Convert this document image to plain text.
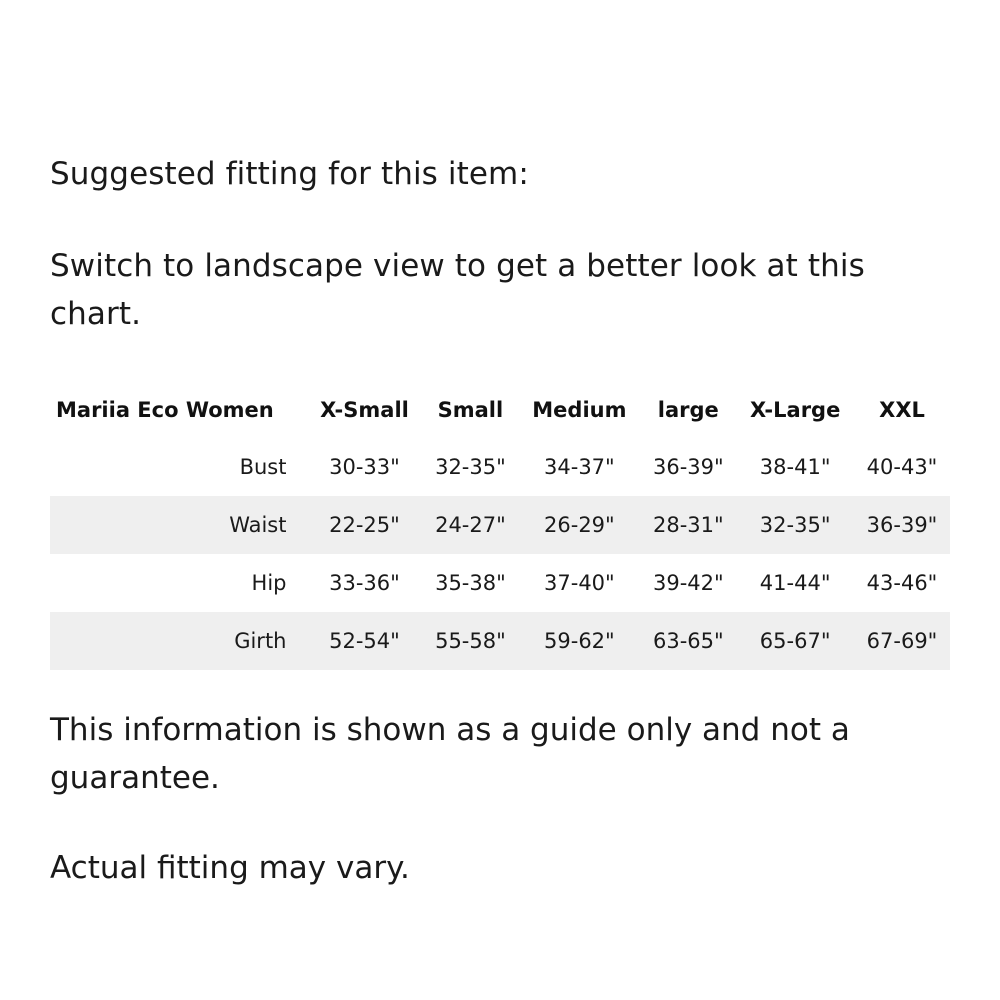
Suggested fitting for this item:

Switch to landscape view to get a better look at this chart.

Mariia Eco Women	X-Small	Small	Medium	large	X-Large	XXL
Bust	30-33"	32-35"	34-37"	36-39"	38-41"	40-43"
Waist	22-25"	24-27"	26-29"	28-31"	32-35"	36-39"
Hip	33-36"	35-38"	37-40"	39-42"	41-44"	43-46"
Girth	52-54"	55-58"	59-62"	63-65"	65-67"	67-69"

This information is shown as a guide only and not a guarantee.

Actual fitting may vary.
